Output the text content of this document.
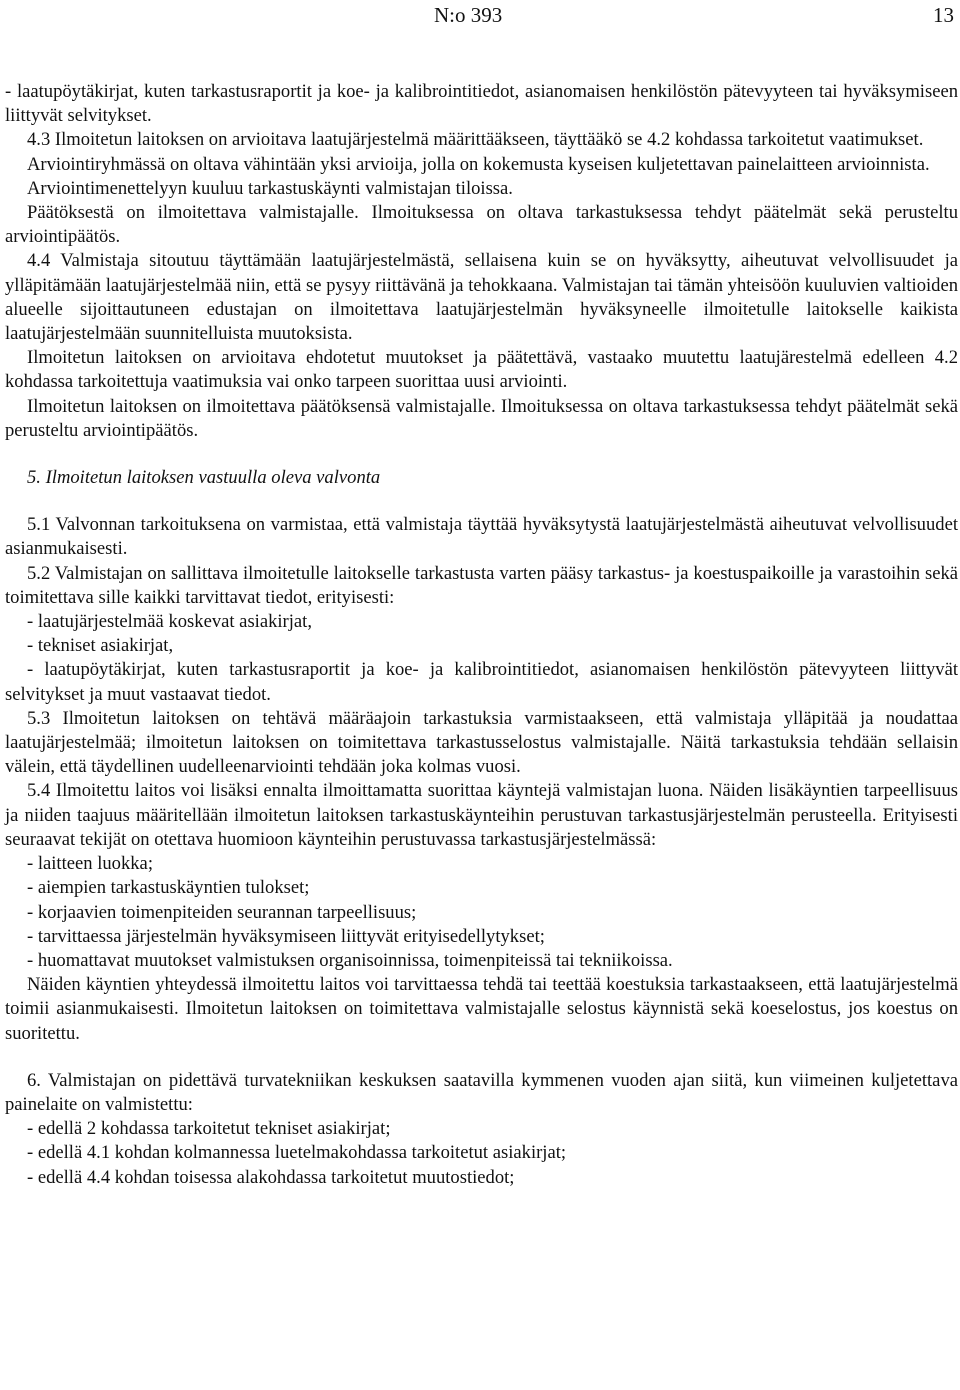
N:o 393	13

- laatupöytäkirjat, kuten tarkastusraportit ja koe- ja kalibrointitiedot, asianomaisen henkilöstön pätevyyteen tai hyväksymiseen liittyvät selvitykset.

4.3 Ilmoitetun laitoksen on arvioitava laatujärjestelmä määrittääkseen, täyttääkö se 4.2 kohdassa tarkoitetut vaatimukset.

Arviointiryhmässä on oltava vähintään yksi arvioija, jolla on kokemusta kyseisen kuljetettavan painelaitteen arvioinnista.

Arviointimenettelyyn kuuluu tarkastuskäynti valmistajan tiloissa.

Päätöksestä on ilmoitettava valmistajalle. Ilmoituksessa on oltava tarkastuksessa tehdyt päätelmät sekä perusteltu arviointipäätös.

4.4 Valmistaja sitoutuu täyttämään laatujärjestelmästä, sellaisena kuin se on hyväksytty, aiheutuvat velvollisuudet ja ylläpitämään laatujärjestelmää niin, että se pysyy riittävänä ja tehokkaana. Valmistajan tai tämän yhteisöön kuuluvien valtioiden alueelle sijoittautuneen edustajan on ilmoitettava laatujärjestelmän hyväksyneelle ilmoitetulle laitokselle kaikista laatujärjestelmään suunnitelluista muutoksista.

Ilmoitetun laitoksen on arvioitava ehdotetut muutokset ja päätettävä, vastaako muutettu laatujärestelmä edelleen 4.2 kohdassa tarkoitettuja vaatimuksia vai onko tarpeen suorittaa uusi arviointi.

Ilmoitetun laitoksen on ilmoitettava päätöksensä valmistajalle. Ilmoituksessa on oltava tarkastuksessa tehdyt päätelmät sekä perusteltu arviointipäätös.

5. Ilmoitetun laitoksen vastuulla oleva valvonta

5.1 Valvonnan tarkoituksena on varmistaa, että valmistaja täyttää hyväksytystä laatujärjestelmästä aiheutuvat velvollisuudet asianmukaisesti.

5.2 Valmistajan on sallittava ilmoitetulle laitokselle tarkastusta varten pääsy tarkastus- ja koestuspaikoille ja varastoihin sekä toimitettava sille kaikki tarvittavat tiedot, erityisesti:

- laatujärjestelmää koskevat asiakirjat,

- tekniset asiakirjat,

- laatupöytäkirjat, kuten tarkastusraportit ja koe- ja kalibrointitiedot, asianomaisen henkilöstön pätevyyteen liittyvät selvitykset ja muut vastaavat tiedot.

5.3 Ilmoitetun laitoksen on tehtävä määräajoin tarkastuksia varmistaakseen, että valmistaja ylläpitää ja noudattaa laatujärjestelmää; ilmoitetun laitoksen on toimitettava tarkastusselostus valmistajalle. Näitä tarkastuksia tehdään sellaisin välein, että täydellinen uudelleenarviointi tehdään joka kolmas vuosi.

5.4 Ilmoitettu laitos voi lisäksi ennalta ilmoittamatta suorittaa käyntejä valmistajan luona. Näiden lisäkäyntien tarpeellisuus ja niiden taajuus määritellään ilmoitetun laitoksen tarkastuskäynteihin perustuvan tarkastusjärjestelmän perusteella. Erityisesti seuraavat tekijät on otettava huomioon käynteihin perustuvassa tarkastusjärjestelmässä:

- laitteen luokka;

- aiempien tarkastuskäyntien tulokset;

- korjaavien toimenpiteiden seurannan tarpeellisuus;

- tarvittaessa järjestelmän hyväksymiseen liittyvät erityisedellytykset;

- huomattavat muutokset valmistuksen organisoinnissa, toimenpiteissä tai tekniikoissa.

Näiden käyntien yhteydessä ilmoitettu laitos voi tarvittaessa tehdä tai teettää koestuksia tarkastaakseen, että laatujärjestelmä toimii asianmukaisesti. Ilmoitetun laitoksen on toimitettava valmistajalle selostus käynnistä sekä koeselostus, jos koestus on suoritettu.

6. Valmistajan on pidettävä turvatekniikan keskuksen saatavilla kymmenen vuoden ajan siitä, kun viimeinen kuljetettava painelaite on valmistettu:

- edellä 2 kohdassa tarkoitetut tekniset asiakirjat;

- edellä 4.1 kohdan kolmannessa luetelmakohdassa tarkoitetut asiakirjat;

- edellä 4.4 kohdan toisessa alakohdassa tarkoitetut muutostiedot;
